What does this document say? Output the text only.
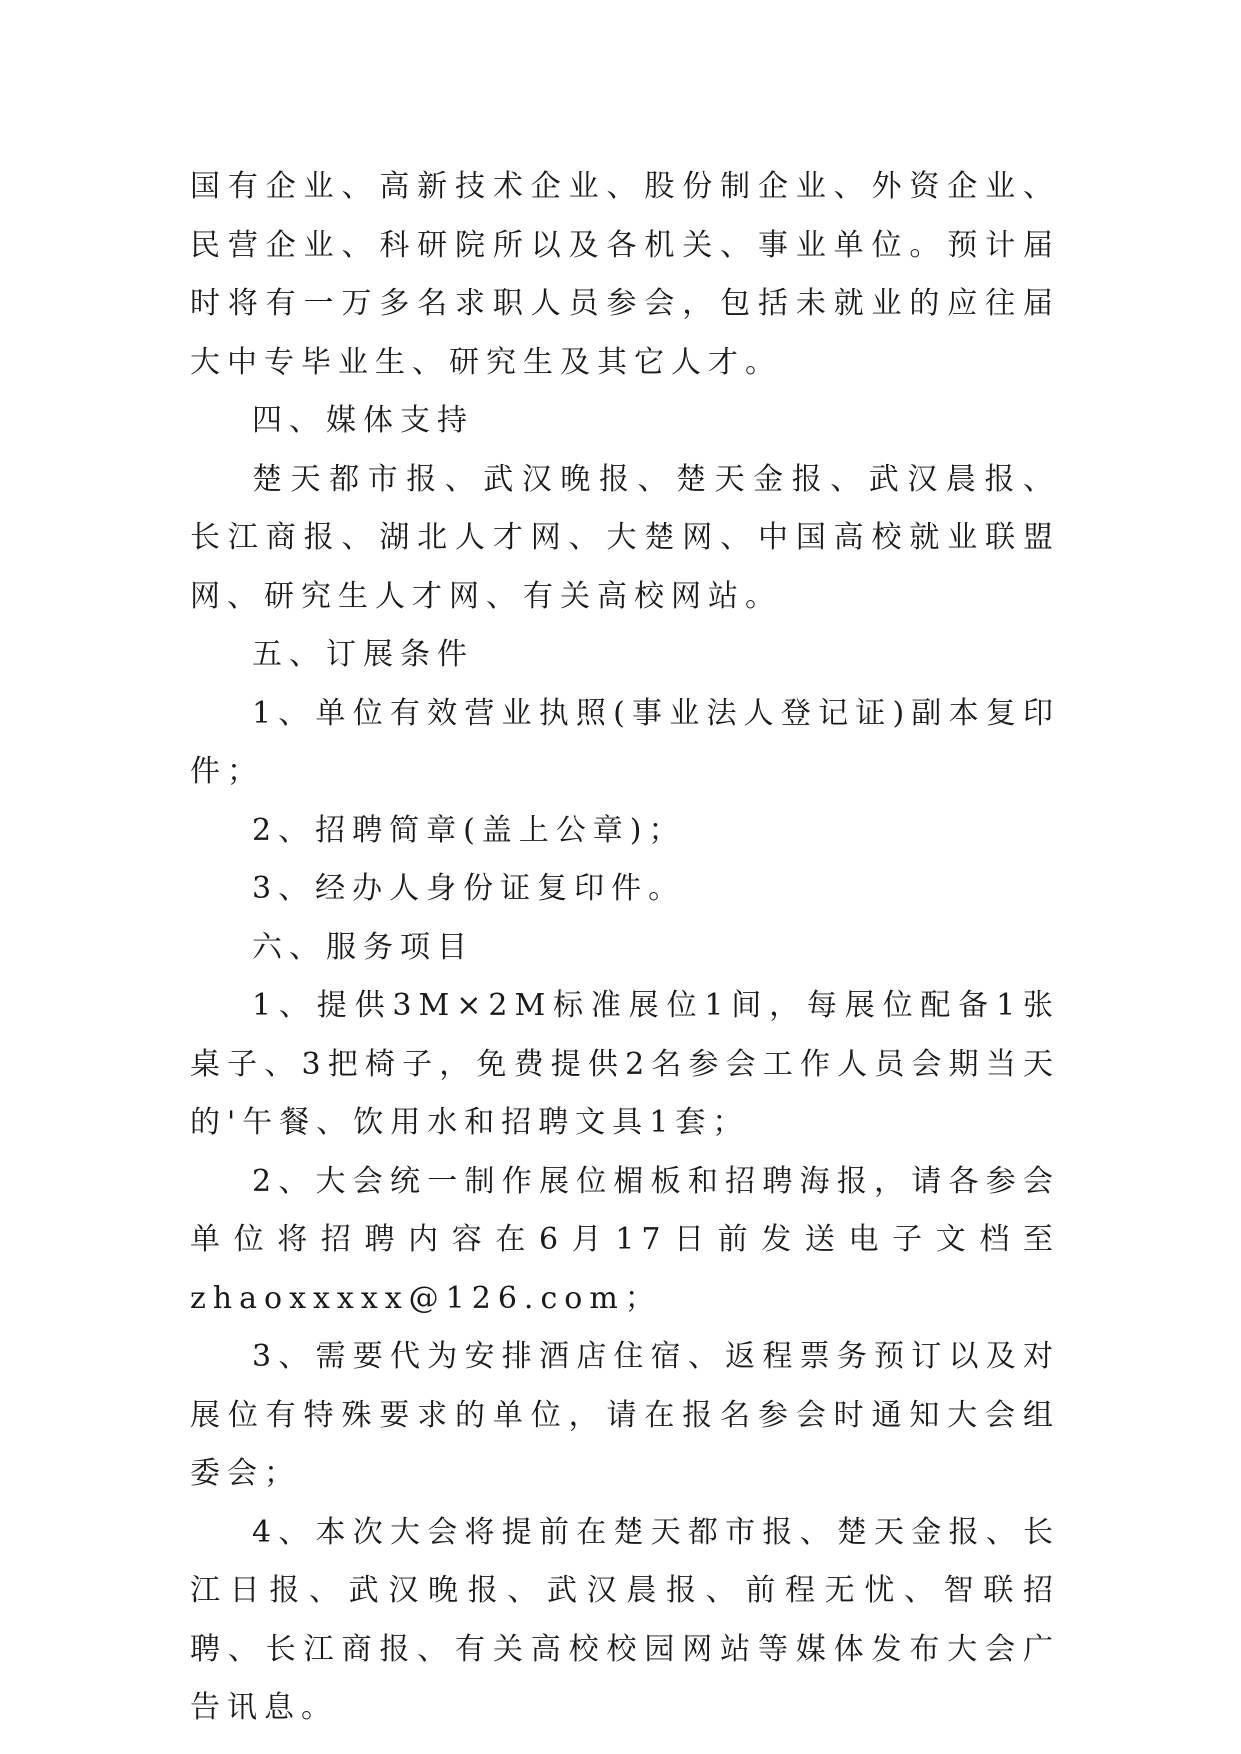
国有企业、高新技术企业、股份制企业、外资企业、民营企业、科研院所以及各机关、事业单位。预计届时将有一万多名求职人员参会，包括未就业的应往届大中专毕业生、研究生及其它人才。

四、媒体支持

楚天都市报、武汉晚报、楚天金报、武汉晨报、长江商报、湖北人才网、大楚网、中国高校就业联盟网、研究生人才网、有关高校网站。

五、订展条件

1、单位有效营业执照(事业法人登记证)副本复印件；

2、招聘简章(盖上公章)；

3、经办人身份证复印件。

六、服务项目

1、提供3M×2M标准展位1间，每展位配备1张桌子、3把椅子，免费提供2名参会工作人员会期当天的'午餐、饮用水和招聘文具1套；

2、大会统一制作展位楣板和招聘海报，请各参会单位将招聘内容在6月17日前发送电子文档至zhaoxxxxx@126.com；

3、需要代为安排酒店住宿、返程票务预订以及对展位有特殊要求的单位，请在报名参会时通知大会组委会；

4、本次大会将提前在楚天都市报、楚天金报、长江日报、武汉晚报、武汉晨报、前程无忧、智联招聘、长江商报、有关高校校园网站等媒体发布大会广告讯息。
